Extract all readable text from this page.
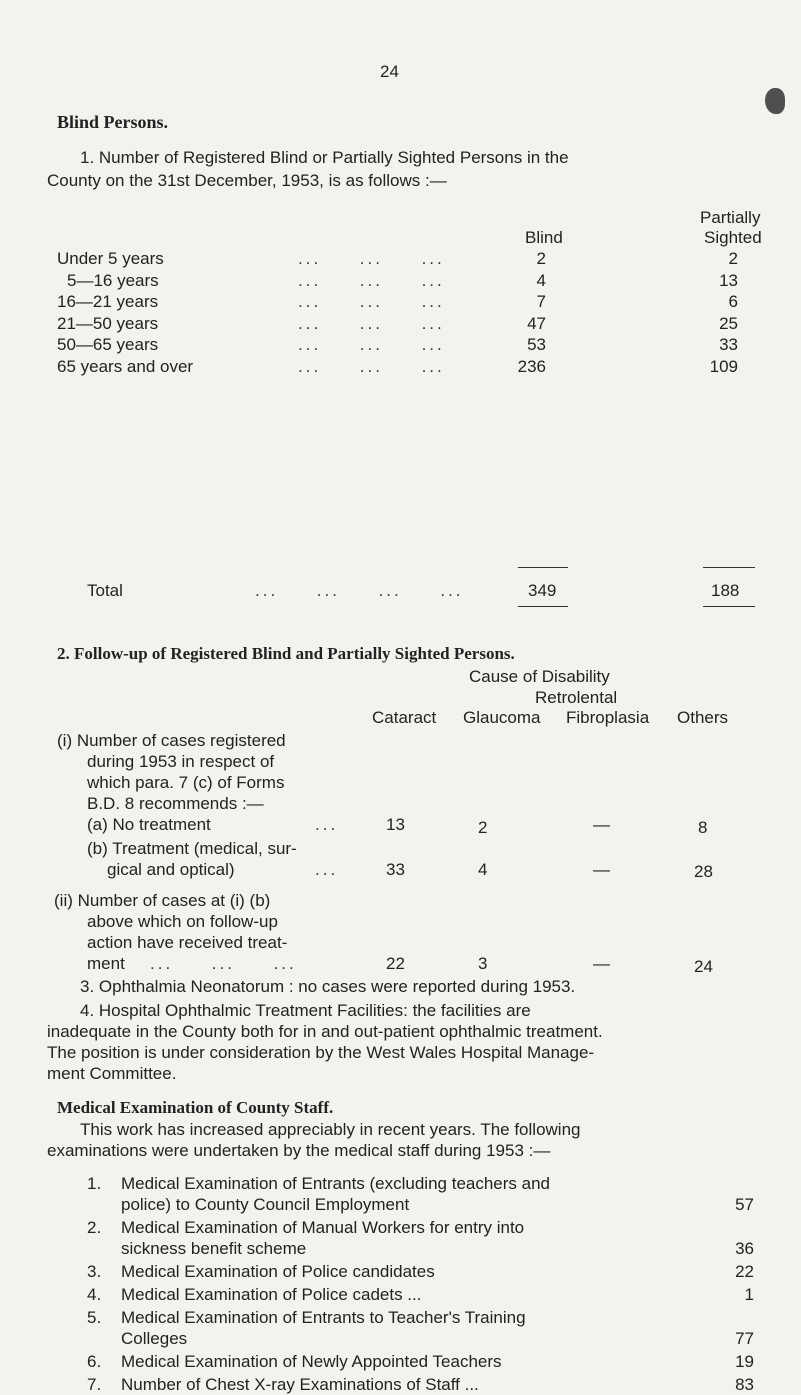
24
Blind Persons.
1. Number of Registered Blind or Partially Sighted Persons in the
County on the 31st December, 1953, is as follows :—
Partially
Blind	Sighted
Under 5 years	...     ...     ...	2	2
5—16 years	...     ...     ...	4	13
16—21 years	...     ...     ...	7	6
21—50 years	...     ...     ...	47	25
50—65 years	...     ...     ...	53	33
65 years and over	...     ...     ...	236	109
Total	...     ...     ...     ...	349	188
2. Follow-up of Registered Blind and Partially Sighted Persons.
Cause of Disability
Retrolental
Cataract Glaucoma Fibroplasia Others
(i) Number of cases registered
during 1953 in respect of
which para. 7 (c) of Forms
B.D. 8 recommends :—
(a) No treatment	...	13	2	—	8
(b) Treatment (medical, sur-
gical and optical)	...	33	4	—	28
(ii) Number of cases at (i) (b)
above which on follow-up
action have received treat-
ment ...     ...     ...	22	3	—	24
3. Ophthalmia Neonatorum : no cases were reported during 1953.
4. Hospital Ophthalmic Treatment Facilities: the facilities are
inadequate in the County both for in and out-patient ophthalmic treatment.
The position is under consideration by the West Wales Hospital Manage-
ment Committee.
Medical Examination of County Staff.
This work has increased appreciably in recent years. The following
examinations were undertaken by the medical staff during 1953 :—
1. Medical Examination of Entrants (excluding teachers and
police) to County Council Employment	57
2. Medical Examination of Manual Workers for entry into
sickness benefit scheme	36
3. Medical Examination of Police candidates	22
4. Medical Examination of Police cadets ...	1
5. Medical Examination of Entrants to Teacher's Training
Colleges	77
6. Medical Examination of Newly Appointed Teachers	19
7. Number of Chest X-ray Examinations of Staff ...	83
